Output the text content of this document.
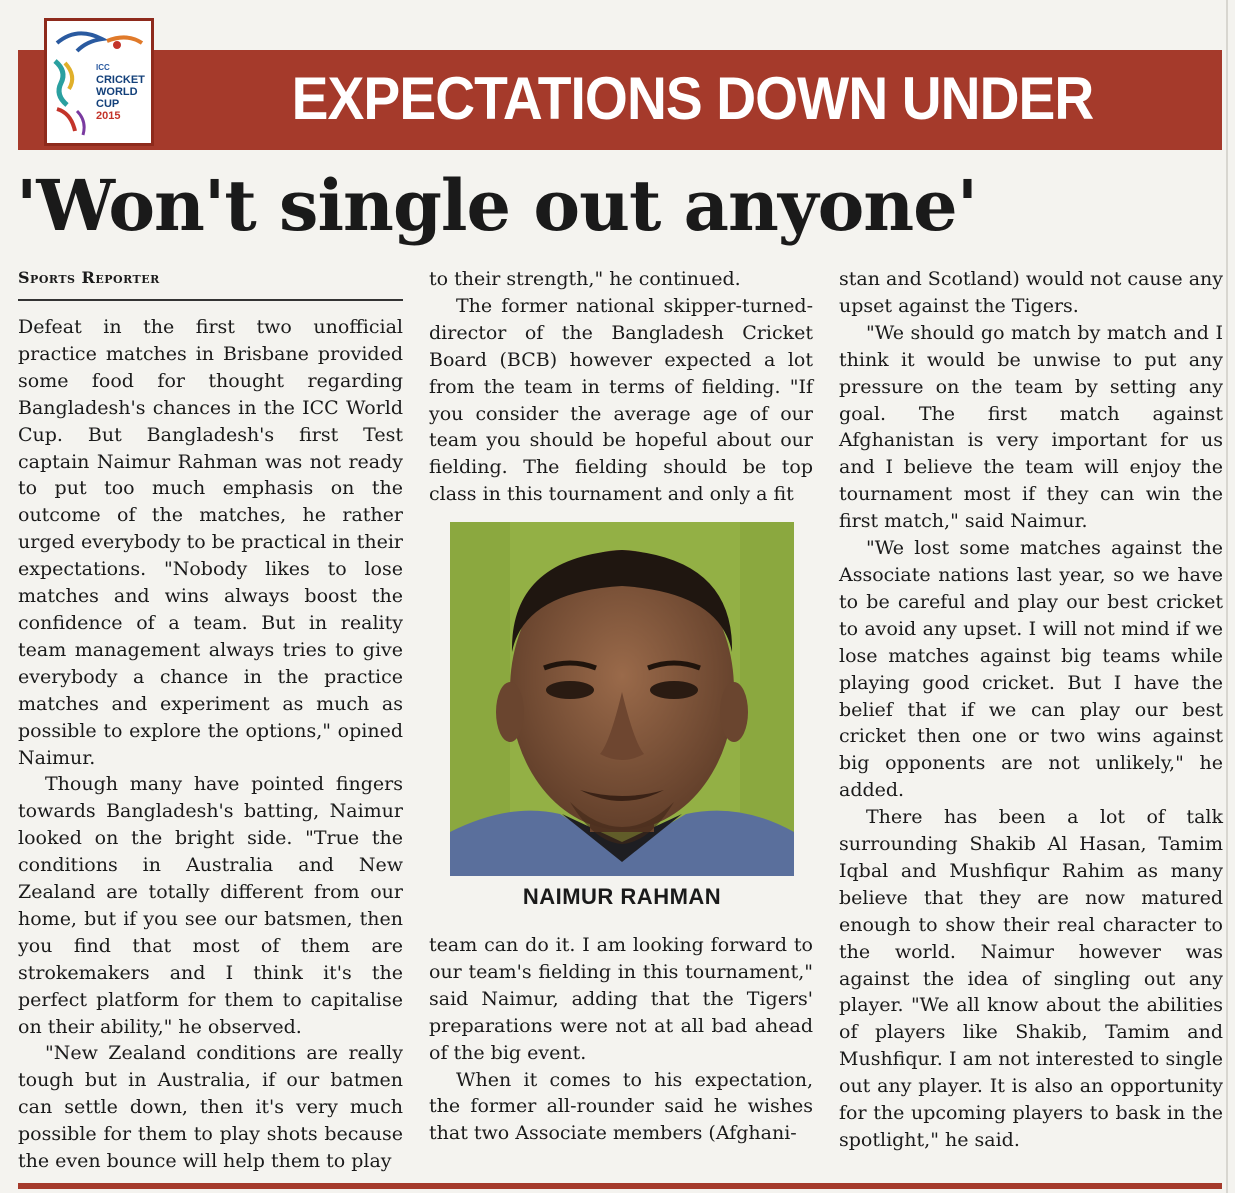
EXPECTATIONS DOWN UNDER
ICC
CRICKET
WORLD
CUP
2015
'Won't single out anyone'
Sports Reporter

Defeat in the first two unofficial practice matches in Brisbane provided some food for thought regarding Bangladesh's chances in the ICC World Cup. But Bangladesh's first Test captain Naimur Rahman was not ready to put too much emphasis on the outcome of the matches, he rather urged everybody to be practical in their expectations. "Nobody likes to lose matches and wins always boost the confidence of a team. But in reality team management always tries to give everybody a chance in the practice matches and experiment as much as possible to explore the options," opined Naimur.

Though many have pointed fingers towards Bangladesh's batting, Naimur looked on the bright side. "True the conditions in Australia and New Zealand are totally different from our home, but if you see our batsmen, then you find that most of them are strokemakers and I think it's the perfect platform for them to capitalise on their ability," he observed.

"New Zealand conditions are really tough but in Australia, if our batmen can settle down, then it's very much possible for them to play shots because the even bounce will help them to play

to their strength," he continued.

The former national skipper-turned-director of the Bangladesh Cricket Board (BCB) however expected a lot from the team in terms of fielding. "If you consider the average age of our team you should be hopeful about our fielding. The fielding should be top class in this tournament and only a fit

NAIMUR RAHMAN

team can do it. I am looking forward to our team's fielding in this tournament," said Naimur, adding that the Tigers' preparations were not at all bad ahead of the big event.

When it comes to his expectation, the former all-rounder said he wishes that two Associate members (Afghani-

stan and Scotland) would not cause any upset against the Tigers.

"We should go match by match and I think it would be unwise to put any pressure on the team by setting any goal. The first match against Afghanistan is very important for us and I believe the team will enjoy the tournament most if they can win the first match," said Naimur.

"We lost some matches against the Associate nations last year, so we have to be careful and play our best cricket to avoid any upset. I will not mind if we lose matches against big teams while playing good cricket. But I have the belief that if we can play our best cricket then one or two wins against big opponents are not unlikely," he added.

There has been a lot of talk surrounding Shakib Al Hasan, Tamim Iqbal and Mushfiqur Rahim as many believe that they are now matured enough to show their real character to the world. Naimur however was against the idea of singling out any player. "We all know about the abilities of players like Shakib, Tamim and Mushfiqur. I am not interested to single out any player. It is also an opportunity for the upcoming players to bask in the spotlight," he said.
